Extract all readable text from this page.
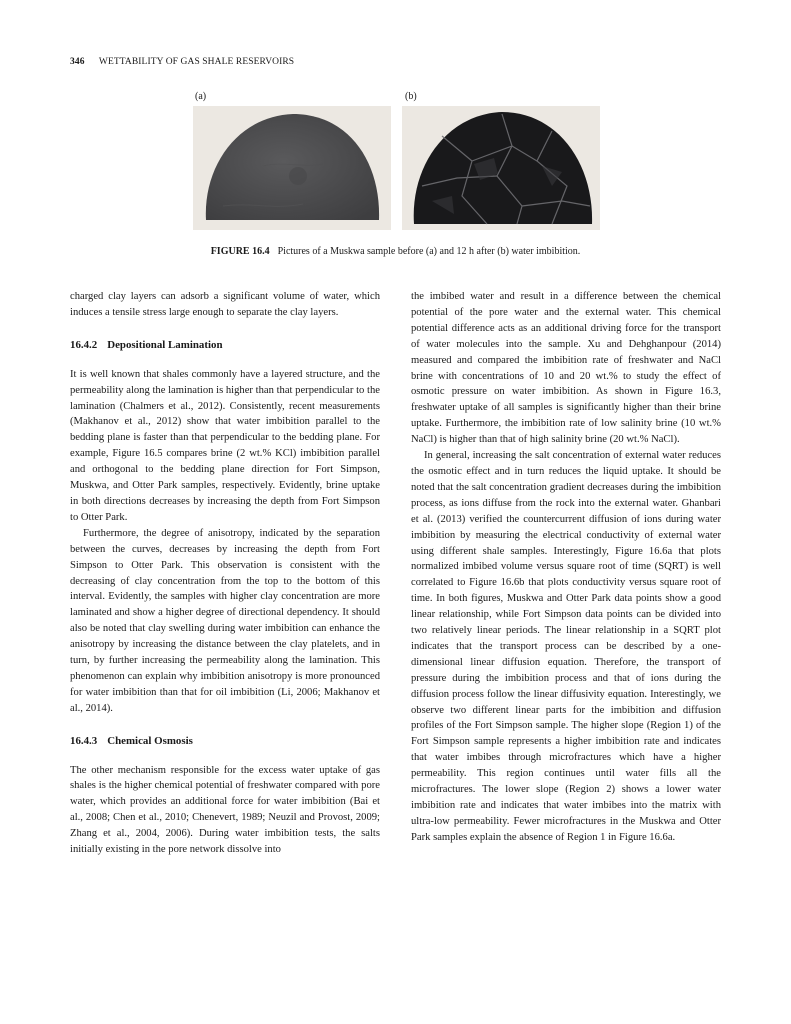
346 WETTABILITY OF GAS SHALE RESERVOIRS
(a)	(b)
FIGURE 16.4 Pictures of a Muskwa sample before (a) and 12 h after (b) water imbibition.

charged clay layers can adsorb a significant volume of water, which induces a tensile stress large enough to separate the clay layers.

16.4.2 Depositional Lamination

It is well known that shales commonly have a layered structure, and the permeability along the lamination is higher than that perpendicular to the lamination (Chalmers et al., 2012). Consistently, recent measurements (Makhanov et al., 2012) show that water imbibition parallel to the bedding plane is faster than that perpendicular to the bedding plane. For example, Figure 16.5 compares brine (2 wt.% KCl) imbibition parallel and orthogonal to the bedding plane direction for Fort Simpson, Muskwa, and Otter Park samples, respectively. Evidently, brine uptake in both directions decreases by increasing the depth from Fort Simpson to Otter Park.

Furthermore, the degree of anisotropy, indicated by the separation between the curves, decreases by increasing the depth from Fort Simpson to Otter Park. This observation is consistent with the decreasing of clay concentration from the top to the bottom of this interval. Evidently, the samples with higher clay concentration are more laminated and show a higher degree of directional dependency. It should also be noted that clay swelling during water imbibition can enhance the anisotropy by increasing the distance between the clay platelets, and in turn, by further increasing the permeability along the lamination. This phenomenon can explain why imbibition anisotropy is more pronounced for water imbibition than that for oil imbibition (Li, 2006; Makhanov et al., 2014).

16.4.3 Chemical Osmosis

The other mechanism responsible for the excess water uptake of gas shales is the higher chemical potential of freshwater compared with pore water, which provides an additional force for water imbibition (Bai et al., 2008; Chen et al., 2010; Chenevert, 1989; Neuzil and Provost, 2009; Zhang et al., 2004, 2006). During water imbibition tests, the salts initially existing in the pore network dissolve into

the imbibed water and result in a difference between the chemical potential of the pore water and the external water. This chemical potential difference acts as an additional driving force for the transport of water molecules into the sample. Xu and Dehghanpour (2014) measured and compared the imbibition rate of freshwater and NaCl brine with concentrations of 10 and 20 wt.% to study the effect of osmotic pressure on water imbibition. As shown in Figure 16.3, freshwater uptake of all samples is significantly higher than their brine uptake. Furthermore, the imbibition rate of low salinity brine (10 wt.% NaCl) is higher than that of high salinity brine (20 wt.% NaCl).

In general, increasing the salt concentration of external water reduces the osmotic effect and in turn reduces the liquid uptake. It should be noted that the salt concentration gradient decreases during the imbibition process, as ions diffuse from the rock into the external water. Ghanbari et al. (2013) verified the countercurrent diffusion of ions during water imbibition by measuring the electrical conductivity of external water using different shale samples. Interestingly, Figure 16.6a that plots normalized imbibed volume versus square root of time (SQRT) is well correlated to Figure 16.6b that plots conductivity versus square root of time. In both figures, Muskwa and Otter Park data points show a good linear relationship, while Fort Simpson data points can be divided into two relatively linear periods. The linear relationship in a SQRT plot indicates that the transport process can be described by a one-dimensional linear diffusion equation. Therefore, the transport of pressure during the imbibition process and that of ions during the diffusion process follow the linear diffusivity equation. Interestingly, we observe two different linear parts for the imbibition and diffusion profiles of the Fort Simpson sample. The higher slope (Region 1) of the Fort Simpson sample represents a higher imbibition rate and indicates that water imbibes through microfractures which have a higher permeability. This region continues until water fills all the microfractures. The lower slope (Region 2) shows a lower water imbibition rate and indicates that water imbibes into the matrix with ultra-low permeability. Fewer microfractures in the Muskwa and Otter Park samples explain the absence of Region 1 in Figure 16.6a.
